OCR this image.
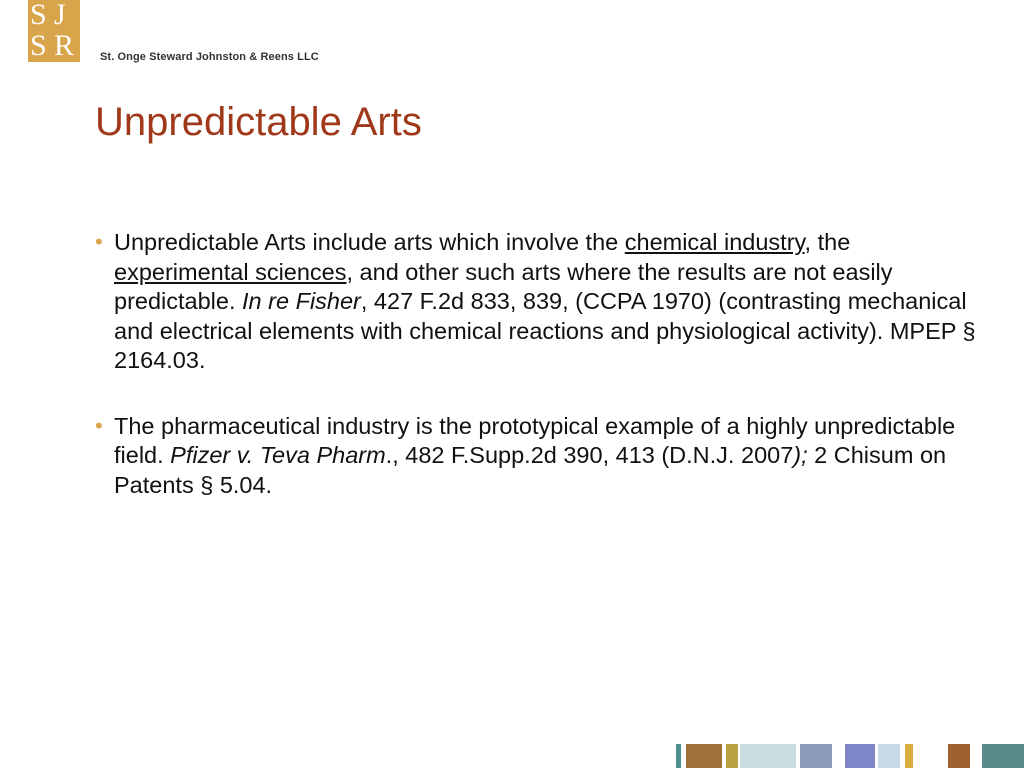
S J
S R St. Onge Steward Johnston & Reens LLC
Unpredictable Arts
• Unpredictable Arts include arts which involve the chemical industry, the experimental sciences, and other such arts where the results are not easily predictable. In re Fisher, 427 F.2d 833, 839, (CCPA 1970) (contrasting mechanical and electrical elements with chemical reactions and physiological activity). MPEP § 2164.03.
• The pharmaceutical industry is the prototypical example of a highly unpredictable field. Pfizer v. Teva Pharm., 482 F.Supp.2d 390, 413 (D.N.J. 2007); 2 Chisum on Patents § 5.04.
